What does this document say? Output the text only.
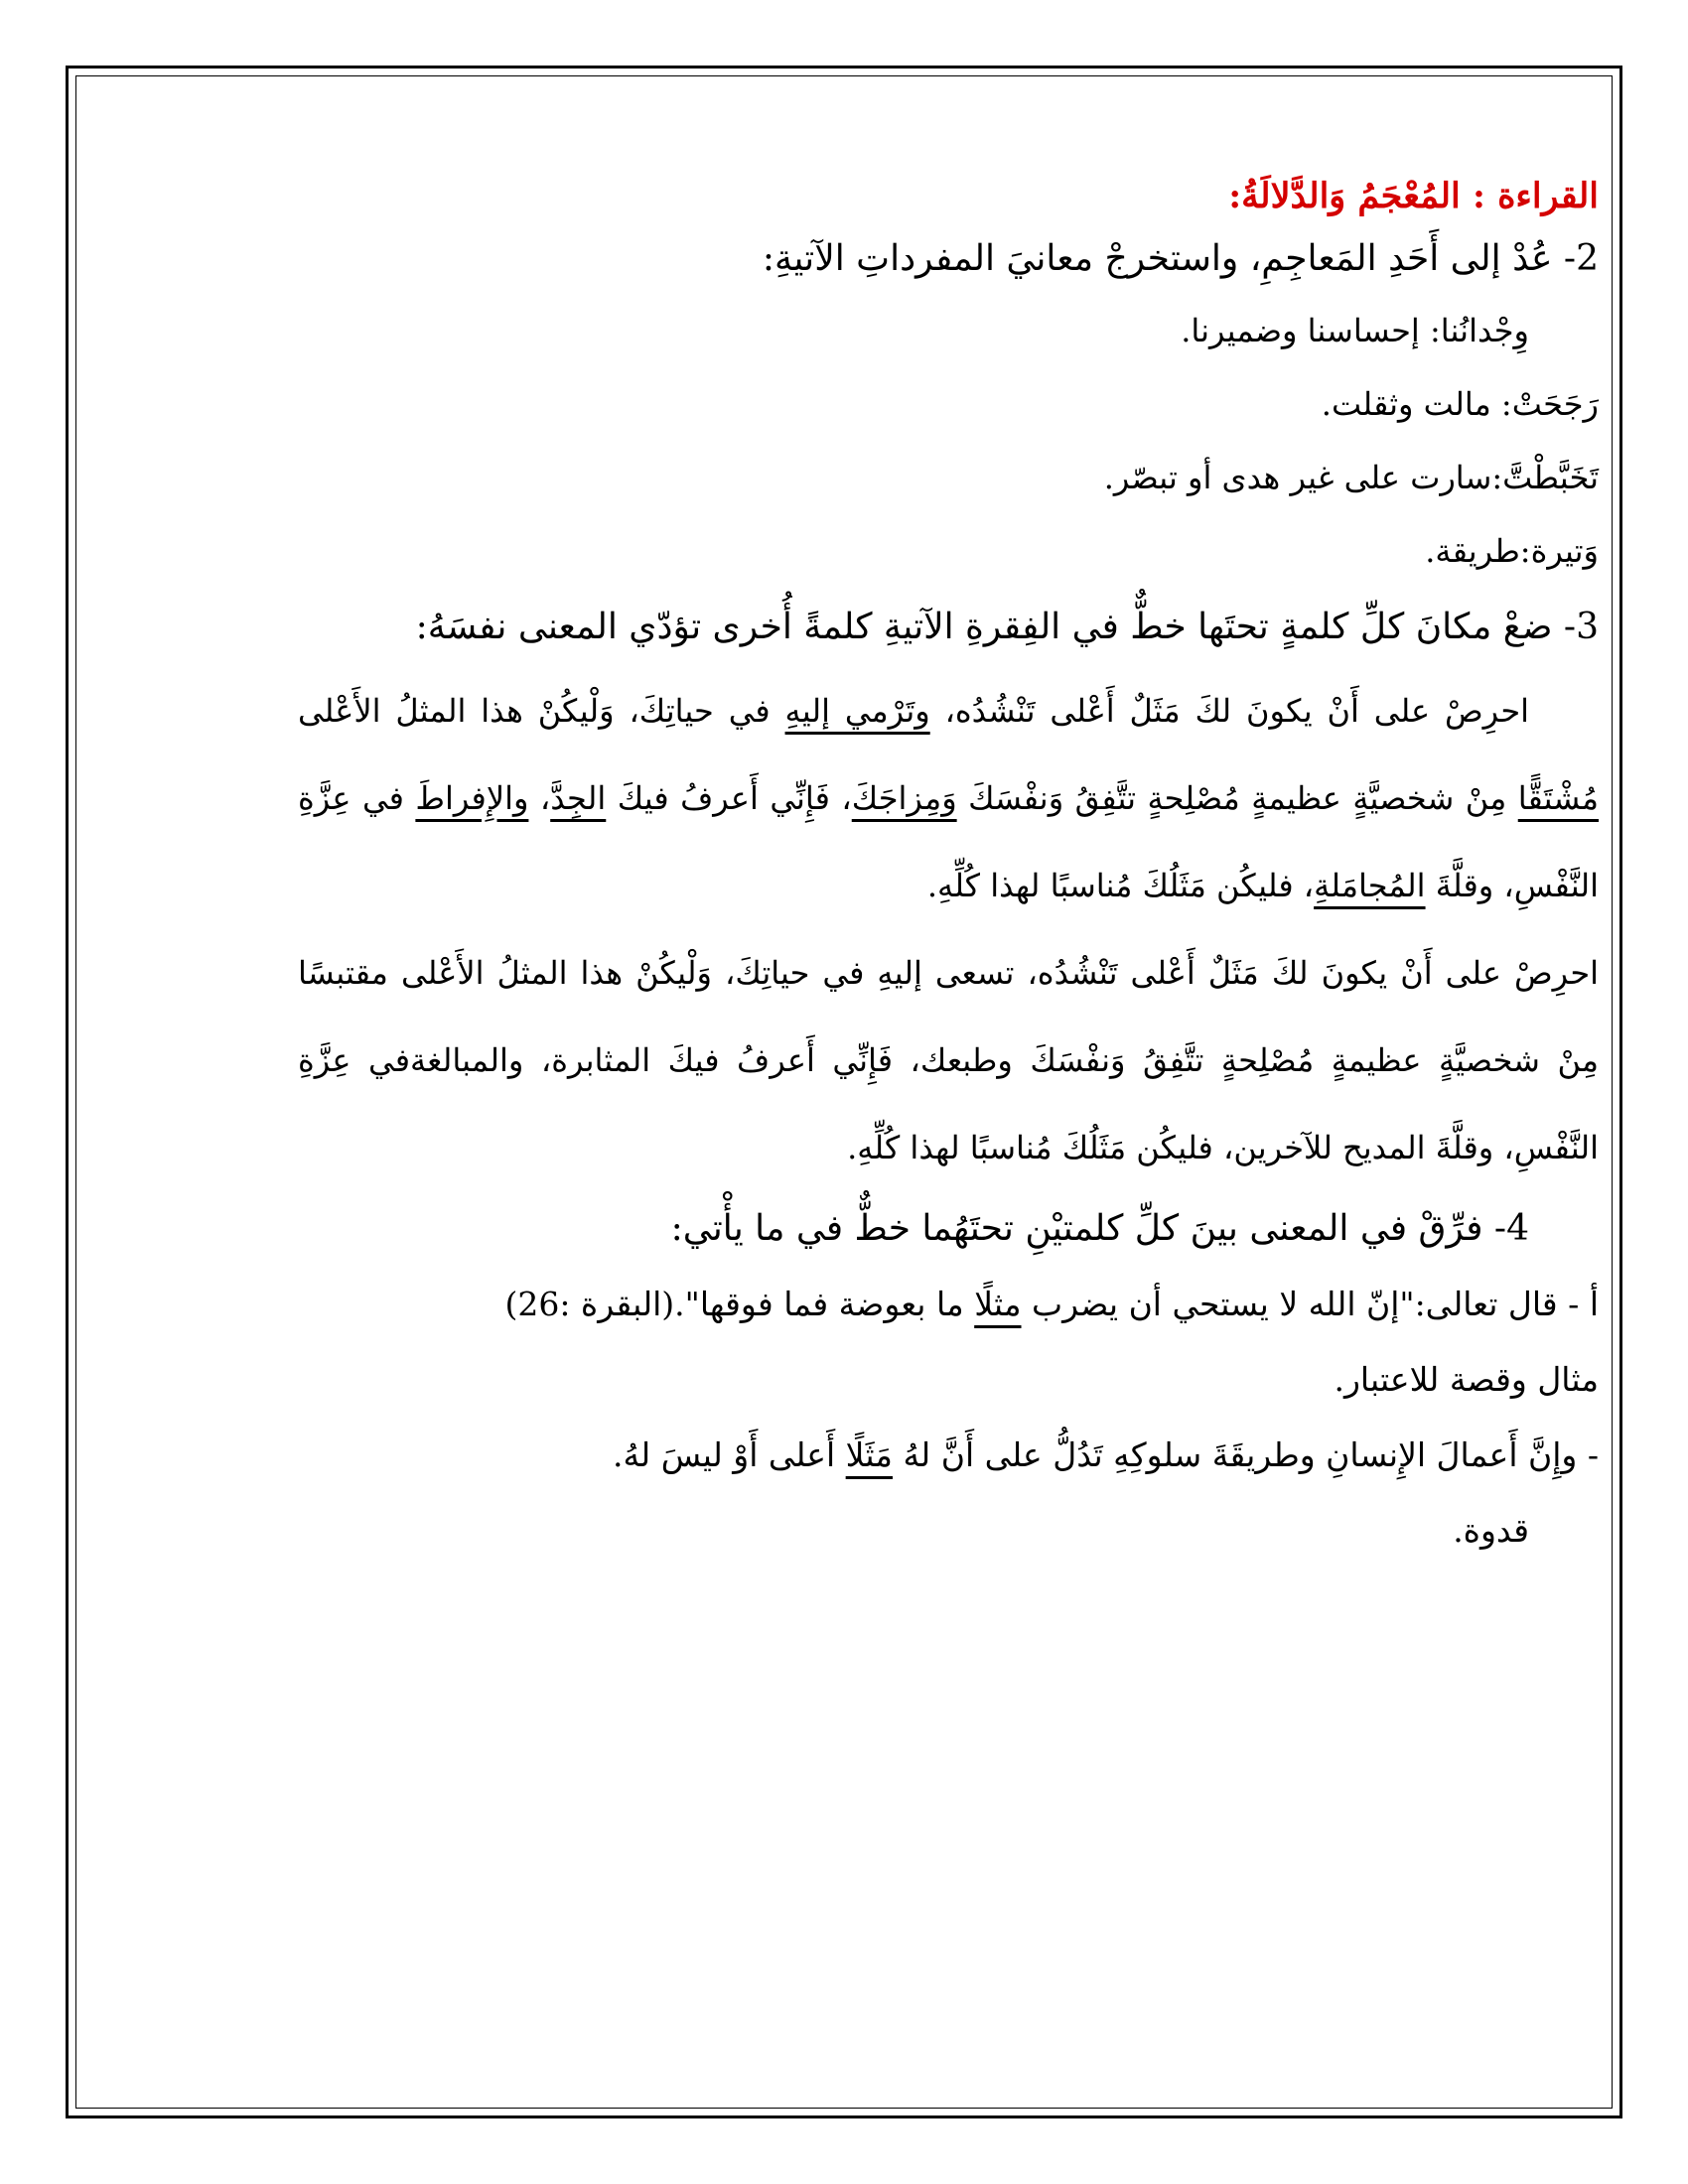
القراءة : المُعْجَمُ وَالدَّلالَةُ:
2- عُدْ إلى أَحَدِ المَعاجِمِ، واستخرجْ معانيَ المفرداتِ الآتيةِ:
وِجْدانُنا: إحساسنا وضميرنا.
رَجَحَتْ: مالت وثقلت.
تَخَبَّطْتَّ:سارت على غير هدى أو تبصّر.
وَتيرة:طريقة.
3- ضعْ مكانَ كلِّ كلمةٍ تحتَها خطٌّ في الفِقرةِ الآتيةِ كلمةً أُخرى تؤدّي المعنى نفسَهُ:
احرِصْ على أَنْ يكونَ لكَ مَثَلٌ أَعْلى تَنْشُدُه، وتَرْمي إليهِ في حياتِكَ، وَلْيكُنْ هذا المثلُ الأَعْلى مُشْتَقًّا مِنْ شخصيَّةٍ عظيمةٍ مُصْلِحةٍ تتَّفِقُ وَنفْسَكَ وَمِزاجَكَ، فَإِنِّي أَعرفُ فيكَ الجِدَّ، والإِفراطَ في عِزَّةِ النَّفْسِ، وقلَّةَ المُجامَلةِ، فليكُن مَثَلُكَ مُناسبًا لهذا كُلِّهِ.
احرِصْ على أَنْ يكونَ لكَ مَثَلٌ أَعْلى تَنْشُدُه، تسعى إليهِ في حياتِكَ، وَلْيكُنْ هذا المثلُ الأَعْلى مقتبسًا مِنْ شخصيَّةٍ عظيمةٍ مُصْلِحةٍ تتَّفِقُ وَنفْسَكَ وطبعك، فَإِنِّي أَعرفُ فيكَ المثابرة، والمبالغةفي عِزَّةِ النَّفْسِ، وقلَّةَ المديح للآخرين، فليكُن مَثَلُكَ مُناسبًا لهذا كُلِّهِ.
4- فرِّقْ في المعنى بينَ كلِّ كلمتيْنِ تحتَهُما خطٌّ في ما يأْتي:
أ - قال تعالى:"إنّ الله لا يستحي أن يضرب مثلًا ما بعوضة فما فوقها".(البقرة :26)
مثال وقصة للاعتبار.
- وإِنَّ أَعمالَ الإِنسانِ وطريقَةَ سلوكِهِ تَدُلُّ على أَنَّ لهُ مَثَلًا أَعلى أَوْ ليسَ لهُ.
قدوة.
